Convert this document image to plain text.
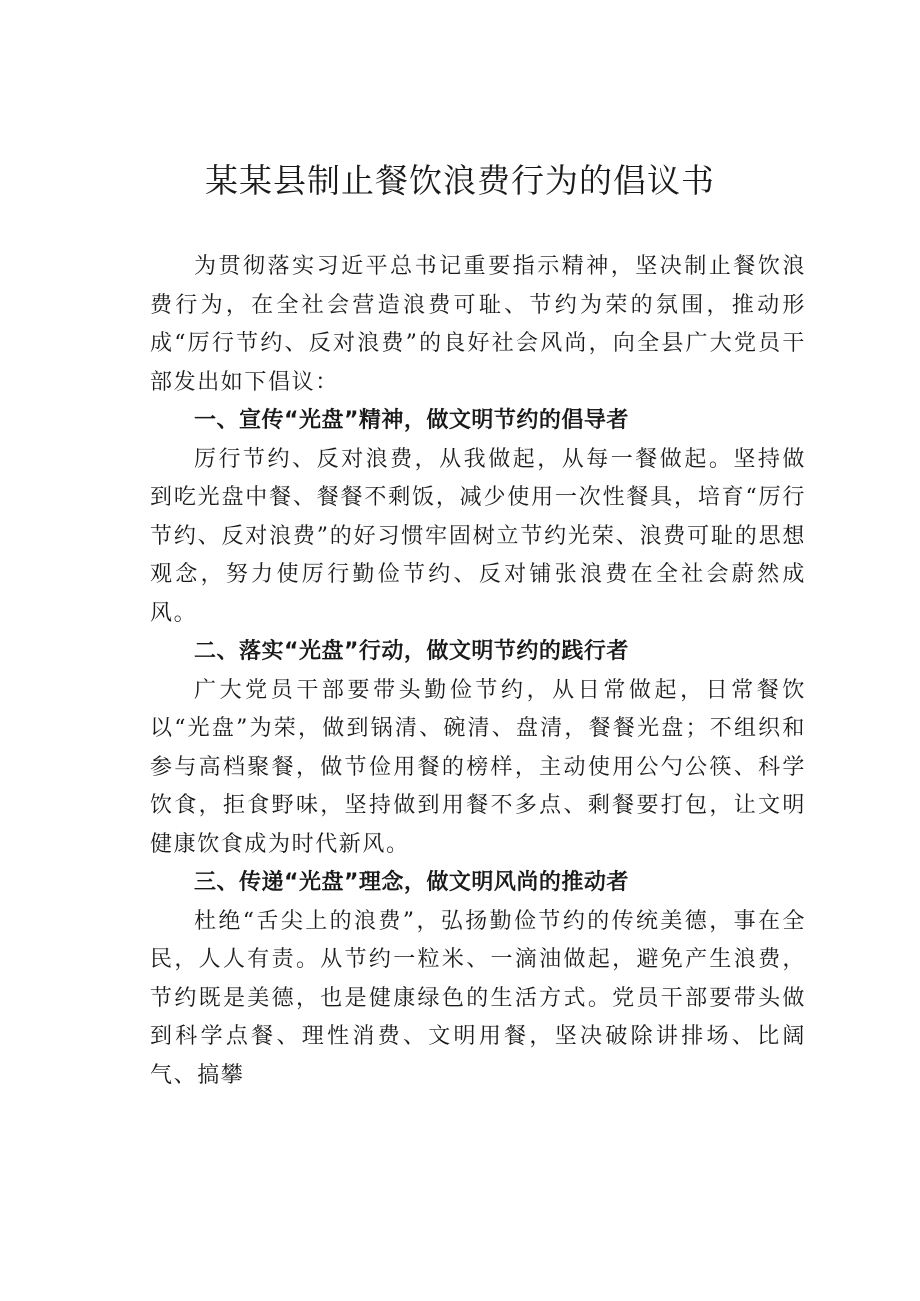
某某县制止餐饮浪费行为的倡议书

为贯彻落实习近平总书记重要指示精神，坚决制止餐饮浪费行为，在全社会营造浪费可耻、节约为荣的氛围，推动形成“厉行节约、反对浪费”的良好社会风尚，向全县广大党员干部发出如下倡议：

一、宣传“光盘”精神，做文明节约的倡导者

厉行节约、反对浪费，从我做起，从每一餐做起。坚持做到吃光盘中餐、餐餐不剩饭，减少使用一次性餐具，培育“厉行节约、反对浪费”的好习惯牢固树立节约光荣、浪费可耻的思想观念，努力使厉行勤俭节约、反对铺张浪费在全社会蔚然成风。

二、落实“光盘”行动，做文明节约的践行者

广大党员干部要带头勤俭节约，从日常做起，日常餐饮以“光盘”为荣，做到锅清、碗清、盘清，餐餐光盘；不组织和参与高档聚餐，做节俭用餐的榜样，主动使用公勺公筷、科学饮食，拒食野味，坚持做到用餐不多点、剩餐要打包，让文明健康饮食成为时代新风。

三、传递“光盘”理念，做文明风尚的推动者

杜绝“舌尖上的浪费”，弘扬勤俭节约的传统美德，事在全民，人人有责。从节约一粒米、一滴油做起，避免产生浪费，节约既是美德，也是健康绿色的生活方式。党员干部要带头做到科学点餐、理性消费、文明用餐，坚决破除讲排场、比阔气、搞攀
